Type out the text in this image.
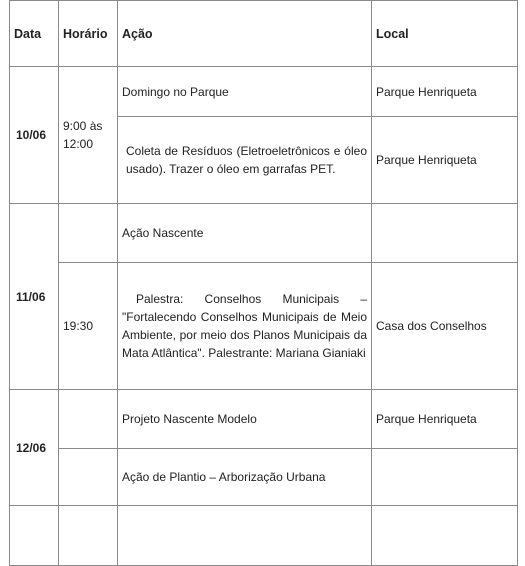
Data	Horário	Ação	Local
10/06	9:00 às 12:00	Domingo no Parque	Parque Henriqueta
		Coleta de Resíduos (Eletroeletrônicos e óleo usado). Trazer o óleo em garrafas PET.	Parque Henriqueta
11/06		Ação Nascente	
	19:30	Palestra: Conselhos Municipais – "Fortalecendo Conselhos Municipais de Meio Ambiente, por meio dos Planos Municipais da Mata Atlântica". Palestrante: Mariana Gianiaki	Casa dos Conselhos
12/06		Projeto Nascente Modelo	Parque Henriqueta
		Ação de Plantio – Arborização Urbana	
